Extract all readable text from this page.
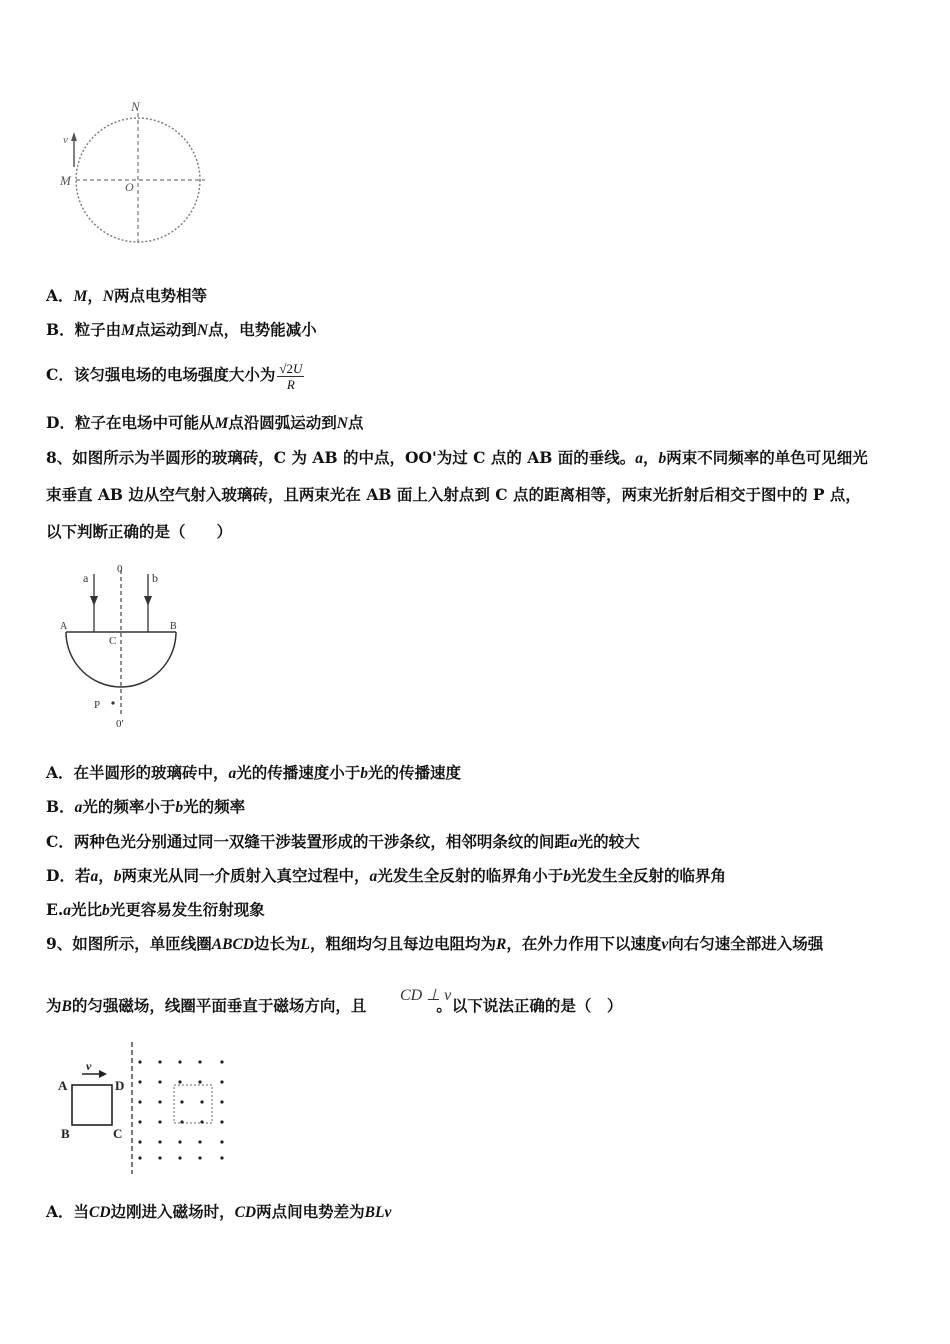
N
M	O
v
A．M，N两点电势相等
B．粒子由M点运动到N点，电势能减小
C．该匀强电场的电场强度大小为 $\frac{√2U}{R}$
D．粒子在电场中可能从M点沿圆弧运动到N点
8、如图所示为半圆形的玻璃砖，C 为 AB 的中点，OO'为过 C 点的 AB 面的垂线。a，b两束不同频率的单色可见细光
束垂直 AB 边从空气射入玻璃砖，且两束光在 AB 面上入射点到 C 点的距离相等，两束光折射后相交于图中的 P 点，
以下判断正确的是（　　）
a	b
0
A	B
C
P
0'
A．在半圆形的玻璃砖中，a光的传播速度小于b光的传播速度
B．a光的频率小于b光的频率
C．两种色光分别通过同一双缝干涉装置形成的干涉条纹，相邻明条纹的间距a光的较大
D．若a，b两束光从同一介质射入真空过程中，a光发生全反射的临界角小于b光发生全反射的临界角
E.a光比b光更容易发生衍射现象
9、如图所示，单匝线圈ABCD边长为L，粗细均匀且每边电阻均为R，在外力作用下以速度v向右匀速全部进入场强
CD ⊥ v
为B的匀强磁场，线圈平面垂直于磁场方向，且	。以下说法正确的是（　）
v
A
B	C
D
A．当CD边刚进入磁场时，CD两点间电势差为BLv
